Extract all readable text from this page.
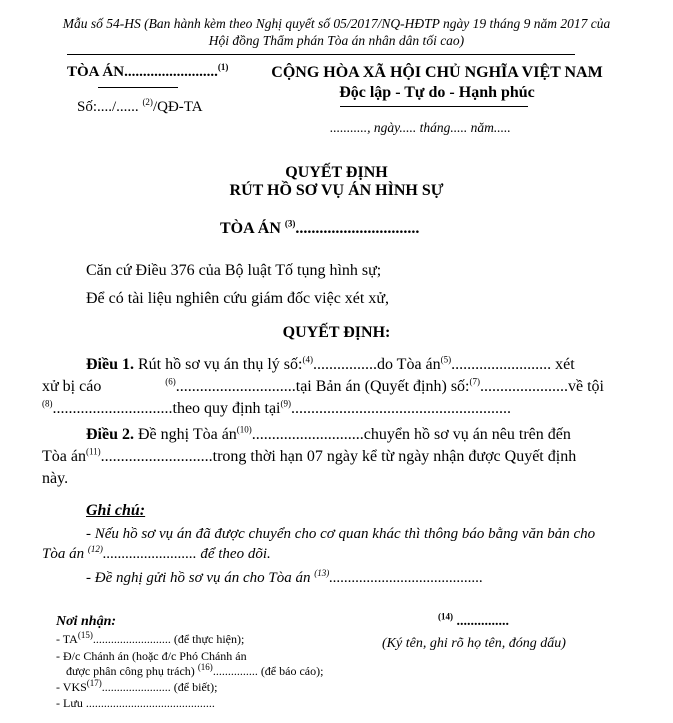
Mẫu số 54-HS (Ban hành kèm theo Nghị quyết số 05/2017/NQ-HĐTP ngày 19 tháng 9 năm 2017 của
Hội đồng Thẩm phán Tòa án nhân dân tối cao)
TÒA ÁN.........................$^{(1)}$
Số:..../...... $^{(2)}$/QĐ-TA
CỘNG HÒA XÃ HỘI CHỦ NGHĨA VIỆT NAM
Độc lập - Tự do - Hạnh phúc
..........., ngày..... tháng..... năm.....
QUYẾT ĐỊNH
RÚT HỒ SƠ VỤ ÁN HÌNH SỰ
TÒA ÁN $^{(3)}$...............................
Căn cứ Điều 376 của Bộ luật Tố tụng hình sự;
Để có tài liệu nghiên cứu giám đốc việc xét xử,
QUYẾT ĐỊNH:
Điều 1. Rút hồ sơ vụ án thụ lý số:$^{(4)}$................do Tòa $án^{(5)}$......................... xét
xử bị cáo	$^{(6)}$..............................tại Bản án (Quyết định) số:$^{(7)}$......................về tội
$^{(8)}$..............................theo quy định tại$^{(9)}$.......................................................
Điều 2. Đề nghị Tòa $án^{(10)}............................chuyển$ hồ sơ vụ án nêu trên đến
Tòa $án^{(11)}............................trong$ thời hạn 07 ngày kể từ ngày nhận được Quyết định
này.
Ghi chú:
- Nếu hồ sơ vụ án đã được chuyển cho cơ quan khác thì thông báo bằng văn bản cho
Tòa án $^{(12)}$......................... để theo dõi.
- Đề nghị gửi hồ sơ vụ án cho Tòa án $^{(13)}$.........................................
Nơi nhận:
- TA$^{(15)}$.......................... (để thực hiện);
- Đ/c Chánh án (hoặc đ/c Phó Chánh án
được phân công phụ trách) $^{(16)}$............... (để báo cáo);
- VKS$^{(17)}$....................... (để biết);
- Lưu ...........................................
$^{(14)}$ ...............
(Ký tên, ghi rõ họ tên, đóng dấu)
